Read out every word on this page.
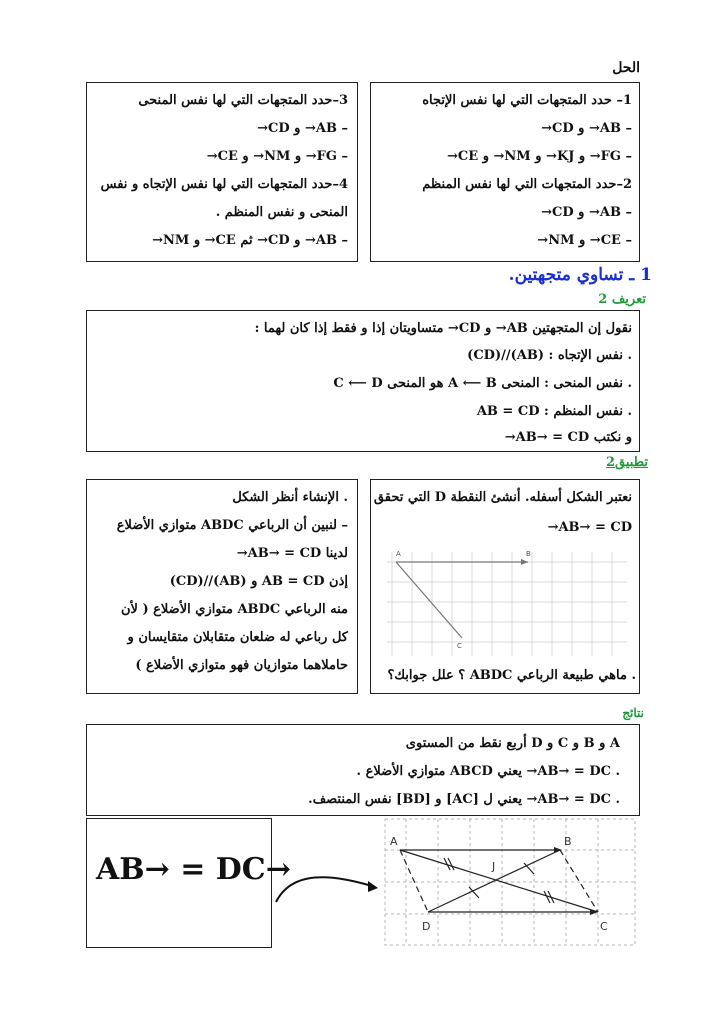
الحل
1– حدد المتجهات التي لها نفس الإتجاه
– AB→ و CD→
– FG→ و KJ→ و NM→ و CE→
2–حدد المتجهات التي لها نفس المنظم
– AB→ و CD→
– CE→ و NM→
3–حدد المتجهات التي لها نفس المنحى
– AB→ و CD→
– FG→ و NM→ و CE→
4–حدد المتجهات التي لها نفس الإتجاه و نفس
المنحى و نفس المنظم .
– AB→ و CD→ ثم CE→ و NM→
1 ـ تساوي متجهتين.
تعريف 2
نقول إن المتجهتين AB→ و CD→ متساويتان إذا و فقط إذا كان لهما :
. نفس الإتجاه : (AB)//(CD)
. نفس المنحى : المنحى A ⟵ B هو المنحى C ⟵ D
. نفس المنظم : AB = CD
و نكتب AB→ = CD→
تطبيق2
نعتبر الشكل أسفله. أنشئ النقطة D التي تحقق
AB→ = CD→
A	B
C
. ماهي طبيعة الرباعي ABDC ؟ علل جوابك؟
. الإنشاء أنظر الشكل
– لنبين أن الرباعي ABDC متوازي الأضلاع
لدينا AB→ = CD→
إذن AB = CD و (AB)//(CD)
منه الرباعي ABDC متوازي الأضلاع ( لأن
كل رباعي له ضلعان متقابلان متقايسان و
حاملاهما متوازيان فهو متوازي الأضلاع )
نتائج
A و B و C و D أربع نقط من المستوى
. AB→ = DC→ يعني ABCD متوازي الأضلاع .
. AB→ = DC→ يعني ل [AC] و [BD] نفس المنتصف.
AB→ = DC→
A	B
C
D
J
